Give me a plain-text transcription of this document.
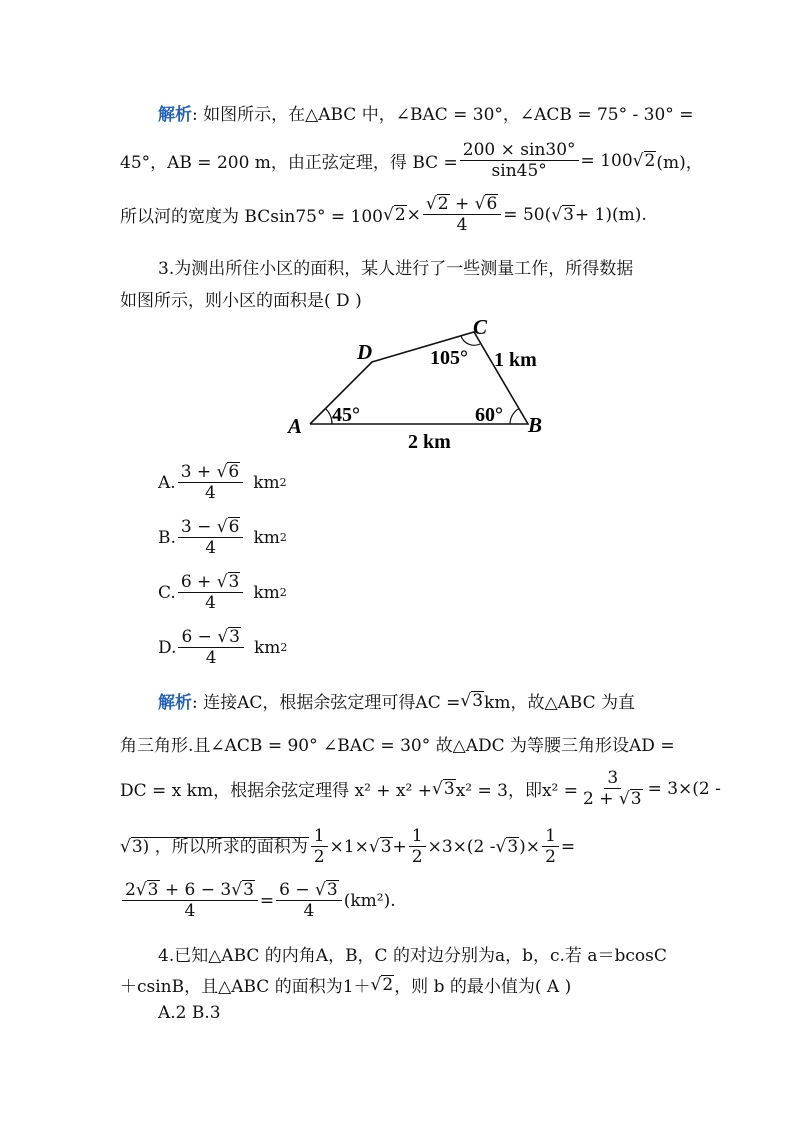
解析 : 如图所示，在△ABC 中，∠BAC = 30°，∠ACB = 75° - 30° =
45°，AB = 200 m，由正弦定理，得 BC = $\frac{200 \times \sin 30^\circ}{\sin 45^\circ} = 100$ √ 2 (m)，
所以河的宽度为 BCsin75° = 100 √ $2 \times \frac{√ 2 + √ 6}{4} = 50$( √ 3 + 1)(m).
3.为测出所住小区的面积，某人进行了一些测量工作，所得数据
如图所示，则小区的面积是( D )
A	B
C
D
45°	60°
105° 1 km
2 km
A. $\frac{3 + √ 6}{4}$ km 2
B. $\frac{3 - √ 6}{4}$ km 2
C. $\frac{6 + √ 3}{4}$ km 2
D. $\frac{6 - √ 3}{4}$ km 2
解析 : 连接AC，根据余弦定理可得AC = √ 3 km，故△ABC 为直
角三角形.且∠ACB = 90° ∠BAC = 30° 故△ADC 为等腰三角形设AD =
DC = x km，根据余弦定理得 x² + x² + √ 3 x² = 3，即$x^2 = \frac{3}{2 + √ 3} = 3\times(2$ -
√ 3) ，所以所求的面积为 $\frac{1}{2} \times 1\times$ √ $3 + \frac{1}{2} \times 3\times(2$ - √ 3 )× $\frac{1}{2}$ =
$\frac{2 √ 3 + 6 - 3 √ 3}{4} = \frac{6 - √ 3}{4} (km^2)$.
4.已知△ABC 的内角A，B，C 的对边分别为a，b，c.若 a＝bcosC
＋csinB，且△ABC 的面积为1＋ √ 2 ，则 b 的最小值为( A )
A.2 B.3
